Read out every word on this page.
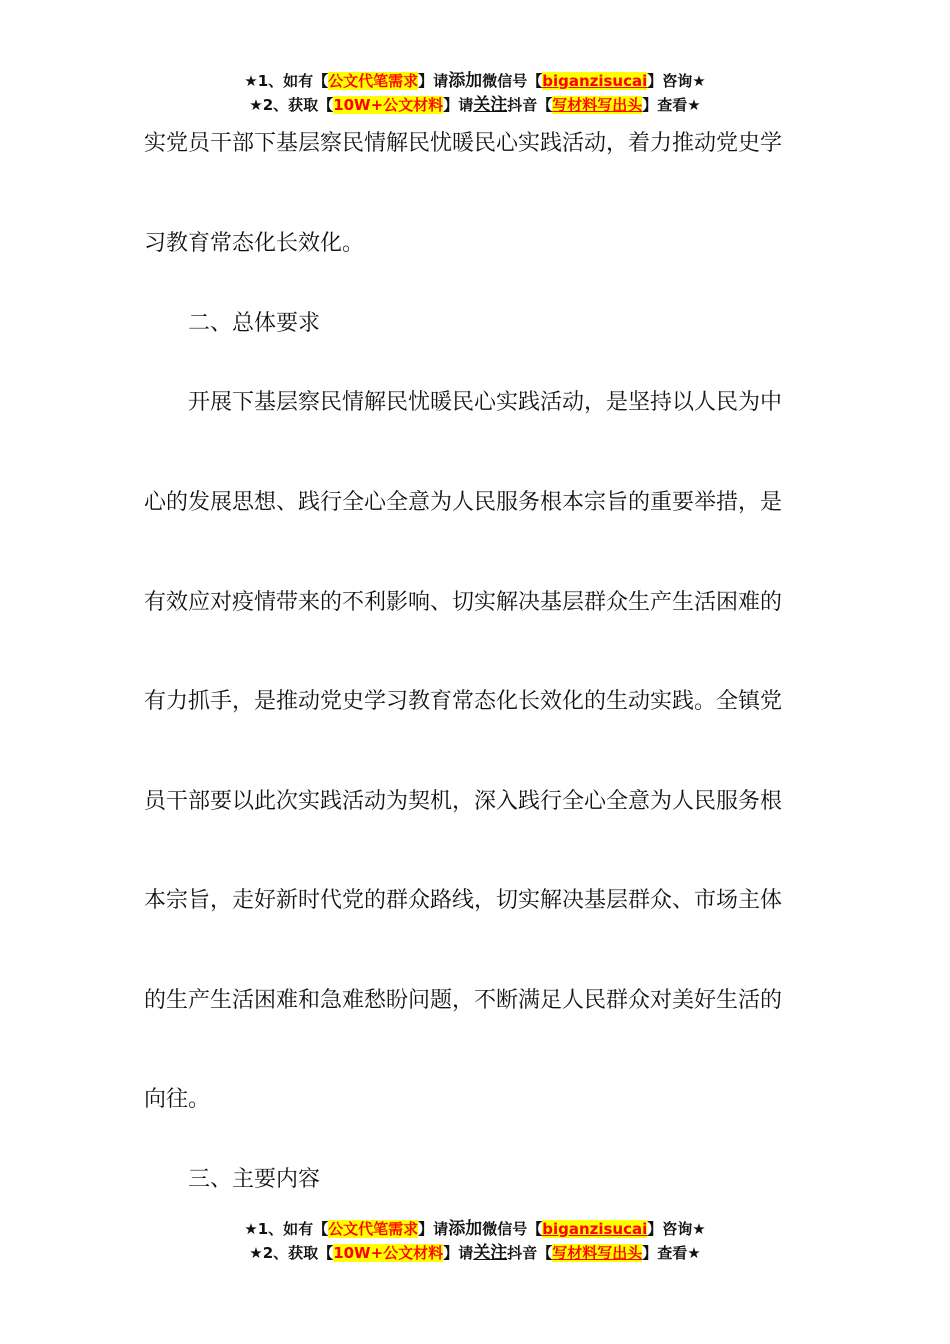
★1、如有【公文代笔需求】请添加微信号【biganzisucai】咨询★
★2、获取【10W+公文材料】请关注抖音【写材料写出头】查看★
实党员干部下基层察民情解民忧暖民心实践活动，着力推动党史学
习教育常态化长效化。
二、总体要求
开展下基层察民情解民忧暖民心实践活动，是坚持以人民为中
心的发展思想、践行全心全意为人民服务根本宗旨的重要举措，是
有效应对疫情带来的不利影响、切实解决基层群众生产生活困难的
有力抓手，是推动党史学习教育常态化长效化的生动实践。全镇党
员干部要以此次实践活动为契机，深入践行全心全意为人民服务根
本宗旨，走好新时代党的群众路线，切实解决基层群众、市场主体
的生产生活困难和急难愁盼问题，不断满足人民群众对美好生活的
向往。
三、主要内容
★1、如有【公文代笔需求】请添加微信号【biganzisucai】咨询★
★2、获取【10W+公文材料】请关注抖音【写材料写出头】查看★
